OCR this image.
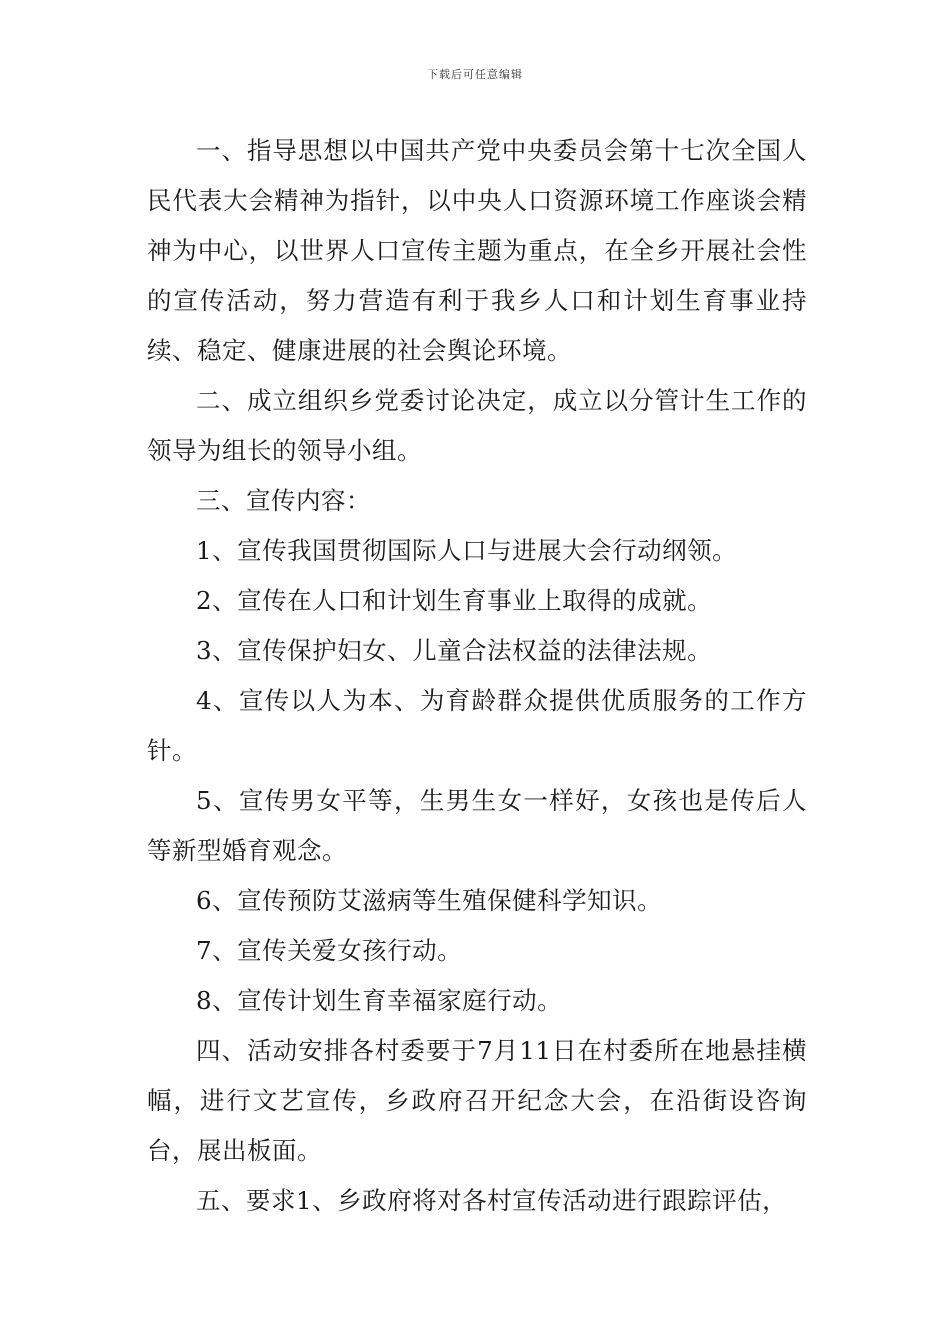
下载后可任意编辑

一、指导思想以中国共产党中央委员会第十七次全国人民代表大会精神为指针，以中央人口资源环境工作座谈会精神为中心，以世界人口宣传主题为重点，在全乡开展社会性的宣传活动，努力营造有利于我乡人口和计划生育事业持续、稳定、健康进展的社会舆论环境。

二、成立组织乡党委讨论决定，成立以分管计生工作的领导为组长的领导小组。

三、宣传内容：

1、宣传我国贯彻国际人口与进展大会行动纲领。

2、宣传在人口和计划生育事业上取得的成就。

3、宣传保护妇女、儿童合法权益的法律法规。

4、宣传以人为本、为育龄群众提供优质服务的工作方针。

5、宣传男女平等，生男生女一样好，女孩也是传后人等新型婚育观念。

6、宣传预防艾滋病等生殖保健科学知识。

7、宣传关爱女孩行动。

8、宣传计划生育幸福家庭行动。

四、活动安排各村委要于7月11日在村委所在地悬挂横幅，进行文艺宣传，乡政府召开纪念大会，在沿街设咨询台，展出板面。

五、要求1、乡政府将对各村宣传活动进行跟踪评估，
